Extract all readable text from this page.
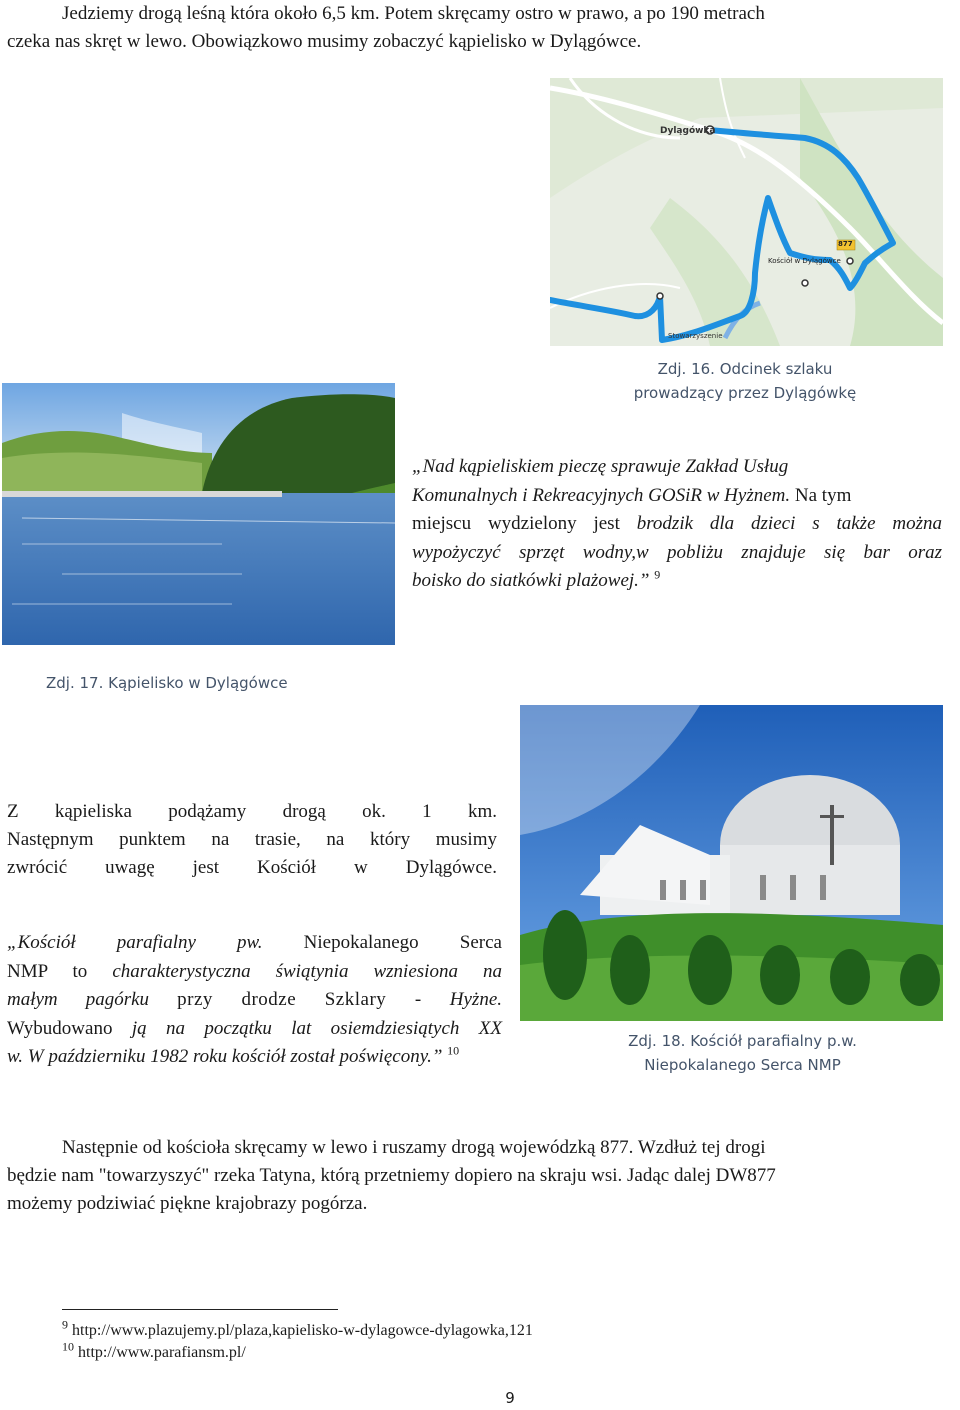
Jedziemy drogą leśną która około 6,5 km. Potem skręcamy ostro w prawo, a po 190 metrach
czeka nas skręt w lewo. Obowiązkowo musimy zobaczyć kąpielisko w Dylągówce.
Dylągówka
Kościół w Dylągówce
877
Stowarzyszenie
Zdj. 16. Odcinek szlaku
prowadzący przez Dylągówkę
„Nad kąpieliskiem pieczę sprawuje Zakład Usług
Komunalnych i Rekreacyjnych GOSiR w Hyżnem. Na tym
miejscu wydzielony jest brodzik dla dzieci s także można
wypożyczyć sprzęt wodny,w pobliżu znajduje się bar oraz
boisko do siatkówki plażowej.” $^9$
Zdj. 17. Kąpielisko w Dylągówce
Z kąpieliska podążamy drogą ok. 1 km.
Następnym punktem na trasie, na który musimy
zwrócić uwagę jest Kościół w Dylągówce.
„Kościół parafialny pw. Niepokalanego Serca
NMP to charakterystyczna świątynia wzniesiona na
małym pagórku przy drodze Szklary - Hyżne.
Wybudowano ją na początku lat osiemdziesiątych XX
w. W październiku 1982 roku kościół został poświęcony.” $^{10}$
Zdj. 18. Kościół parafialny p.w.
Niepokalanego Serca NMP
Następnie od kościoła skręcamy w lewo i ruszamy drogą wojewódzką 877. Wzdłuż tej drogi
będzie nam "towarzyszyć" rzeka Tatyna, którą przetniemy dopiero na skraju wsi. Jadąc dalej DW877
możemy podziwiać piękne krajobrazy pogórza.
$^9$ http://www.plazujemy.pl/plaza,kapielisko-w-dylagowce-dylagowka,121
$^{10}$ http://www.parafiansm.pl/
9
